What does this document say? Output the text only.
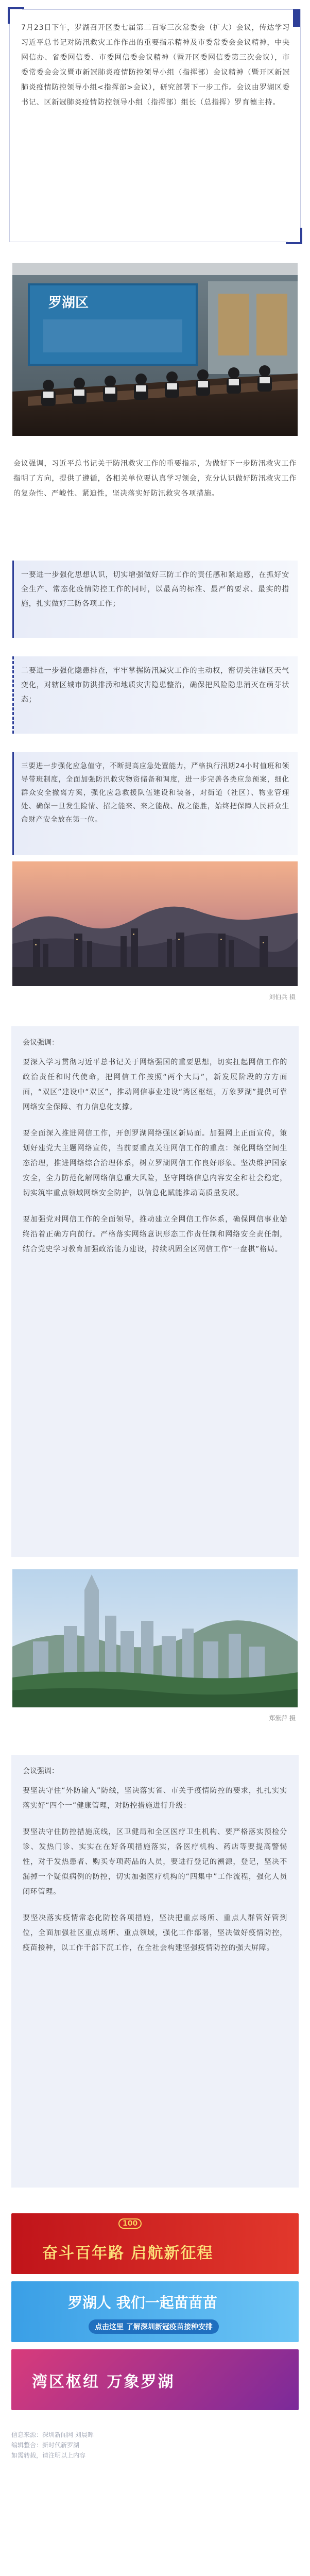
7月23日下午，罗湖召开区委七届第二百零三次常委会（扩大）会议，传达学习习近平总书记对防汛救灾工作作出的重要指示精神及市委常委会会议精神，中央网信办、省委网信委、市委网信委会议精神（暨开区委网信委第三次会议），市委常委会会议暨市新冠肺炎疫情防控领导小组（指挥部）会议精神（暨开区新冠肺炎疫情防控领导小组<指挥部>会议），研究部署下一步工作。会议由罗湖区委书记、区新冠肺炎疫情防控领导小组（指挥部）组长（总指挥）罗育德主持。

罗湖区

会议强调，习近平总书记关于防汛救灾工作的重要指示，为做好下一步防汛救灾工作指明了方向，提供了遵循，各相关单位要认真学习领会，充分认识做好防汛救灾工作的复杂性、严峻性、紧迫性，坚决落实好防汛救灾各项措施。

一要进一步强化思想认识，切实增强做好三防工作的责任感和紧迫感，在抓好安全生产、常态化疫情防控工作的同时，以最高的标准、最严的要求、最实的措施，扎实做好三防各项工作；
二要进一步强化隐患排查，牢牢掌握防汛减灾工作的主动权，密切关注辖区天气变化，对辖区城市防洪排涝和地质灾害隐患整治，确保把风险隐患消灭在萌芽状态；
三要进一步强化应急值守，不断提高应急处置能力，严格执行汛期24小时值班和领导带班制度，全面加强防汛救灾物资储备和调度，进一步完善各类应急预案，细化群众安全撤离方案，强化应急救援队伍建设和装备，对街道（社区）、物业管理处、确保一旦发生险情、招之能来、来之能战、战之能胜，始终把保障人民群众生命财产安全放在第一位。
刘伯兵 摄

会议强调：

要深入学习贯彻习近平总书记关于网络强国的重要思想，切实扛起网信工作的政治责任和时代使命，把网信工作按照“两个大局”，新发展阶段的方方面面，“双区”建设中“双区”，推动网信事业建设“湾区枢纽，万象罗湖”提供可靠网络安全保障、有力信息化支撑。

要全面深入推进网信工作，开创罗湖网络强区新局面。加强网上正面宣传，策划好建党大主题网络宣传，当前要重点关注网信工作的重点：深化网络空间生态治理，推进网络综合治理体系，树立罗湖网信工作良好形象。坚决维护国家安全，全力防范化解网络信息重大风险，坚守网络信息内容安全和社会稳定，切实筑牢重点领域网络安全防护，以信息化赋能推动高质量发展。

要加强党对网信工作的全面领导，推动建立全网信工作体系，确保网信事业始终沿着正确方向前行。严格落实网络意识形态工作责任制和网络安全责任制，结合党史学习教育加强政治能力建设，持续巩固全区网信工作“一盘棋”格局。

郑紫萍 摄

会议强调：

要坚决守住“外防输入”防线，坚决落实省、市关于疫情防控的要求，扎扎实实落实好“四个一”健康管理，对防控措施进行升级：

要坚决守住防控措施底线，区卫健局和全区医疗卫生机构、要严格落实预检分诊、发热门诊、实实在在好各项措施落实，各医疗机构、药店等要提高警惕性，对于发热患者、购买专项药品的人员，要进行登记的溯源，登记，坚决不漏掉一个疑似病例的防控，切实加强医疗机构的“四集中”工作流程，强化人员闭环管理。

要坚决落实疫情常态化防控各项措施，坚决把重点场所、重点人群管好管到位，全面加强社区重点场所、重点领域，强化工作部署，坚决做好疫情防控，疫苗接种，以工作干部下沉工作，在全社会构建坚强疫情防控的强大屏障。

100
奋斗百年路 启航新征程
罗湖人 我们一起苗苗苗
点击这里 了解深圳新冠疫苗接种安排
湾区枢纽 万象罗湖
信息来源：深圳新闻网 刘晨晖
编辑整合：新时代新罗湖
如需转载，请注明以上内容
